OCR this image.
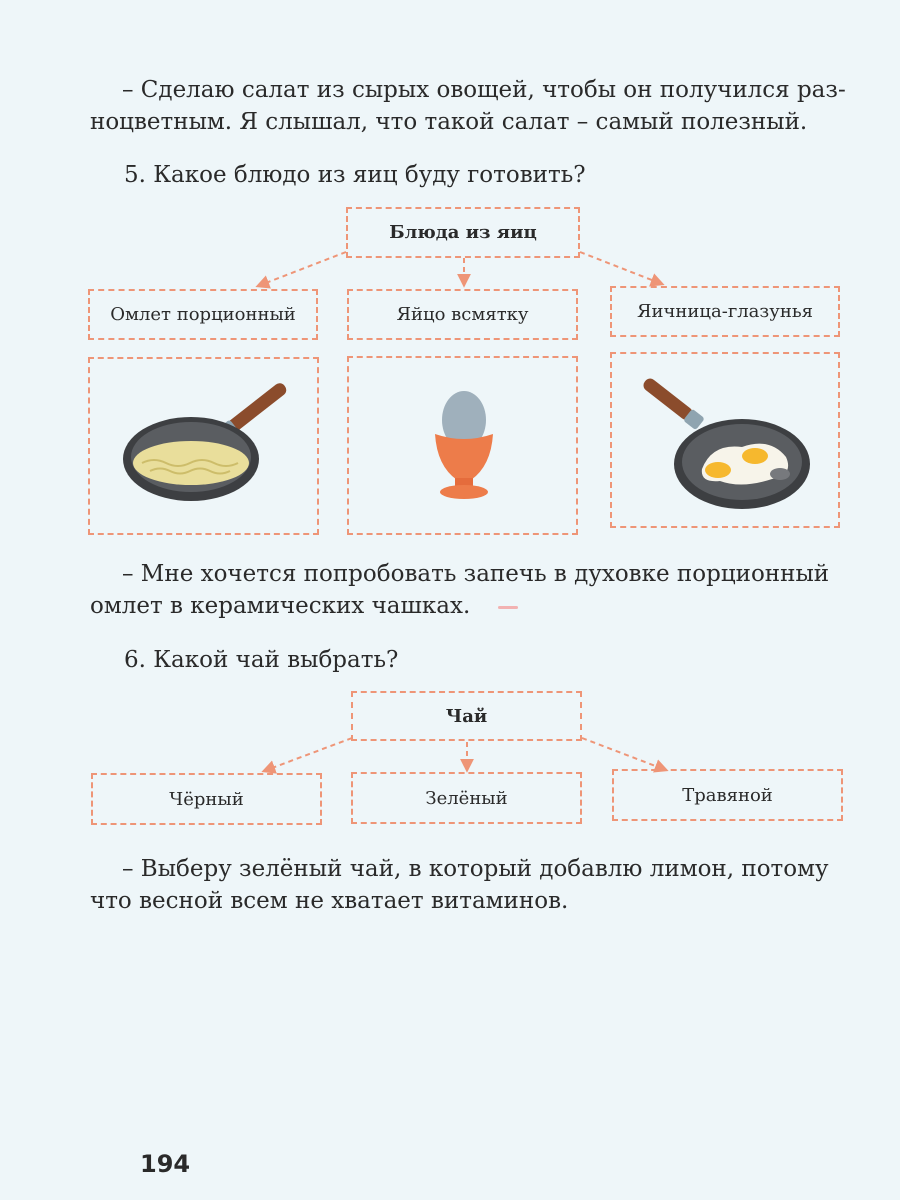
– Сделаю салат из сырых овощей, чтобы он получился раз-
ноцветным. Я слышал, что такой салат – самый полезный.

5. Какое блюдо из яиц буду готовить?

Блюда из яиц
Омлет порционный	Яйцо всмятку	Яичница-глазунья

– Мне хочется попробовать запечь в духовке порционный
омлет в керамических чашках.

6. Какой чай выбрать?

Чай
Чёрный	Зелёный	Травяной

– Выберу зелёный чай, в который добавлю лимон, потому
что весной всем не хватает витаминов.

194
